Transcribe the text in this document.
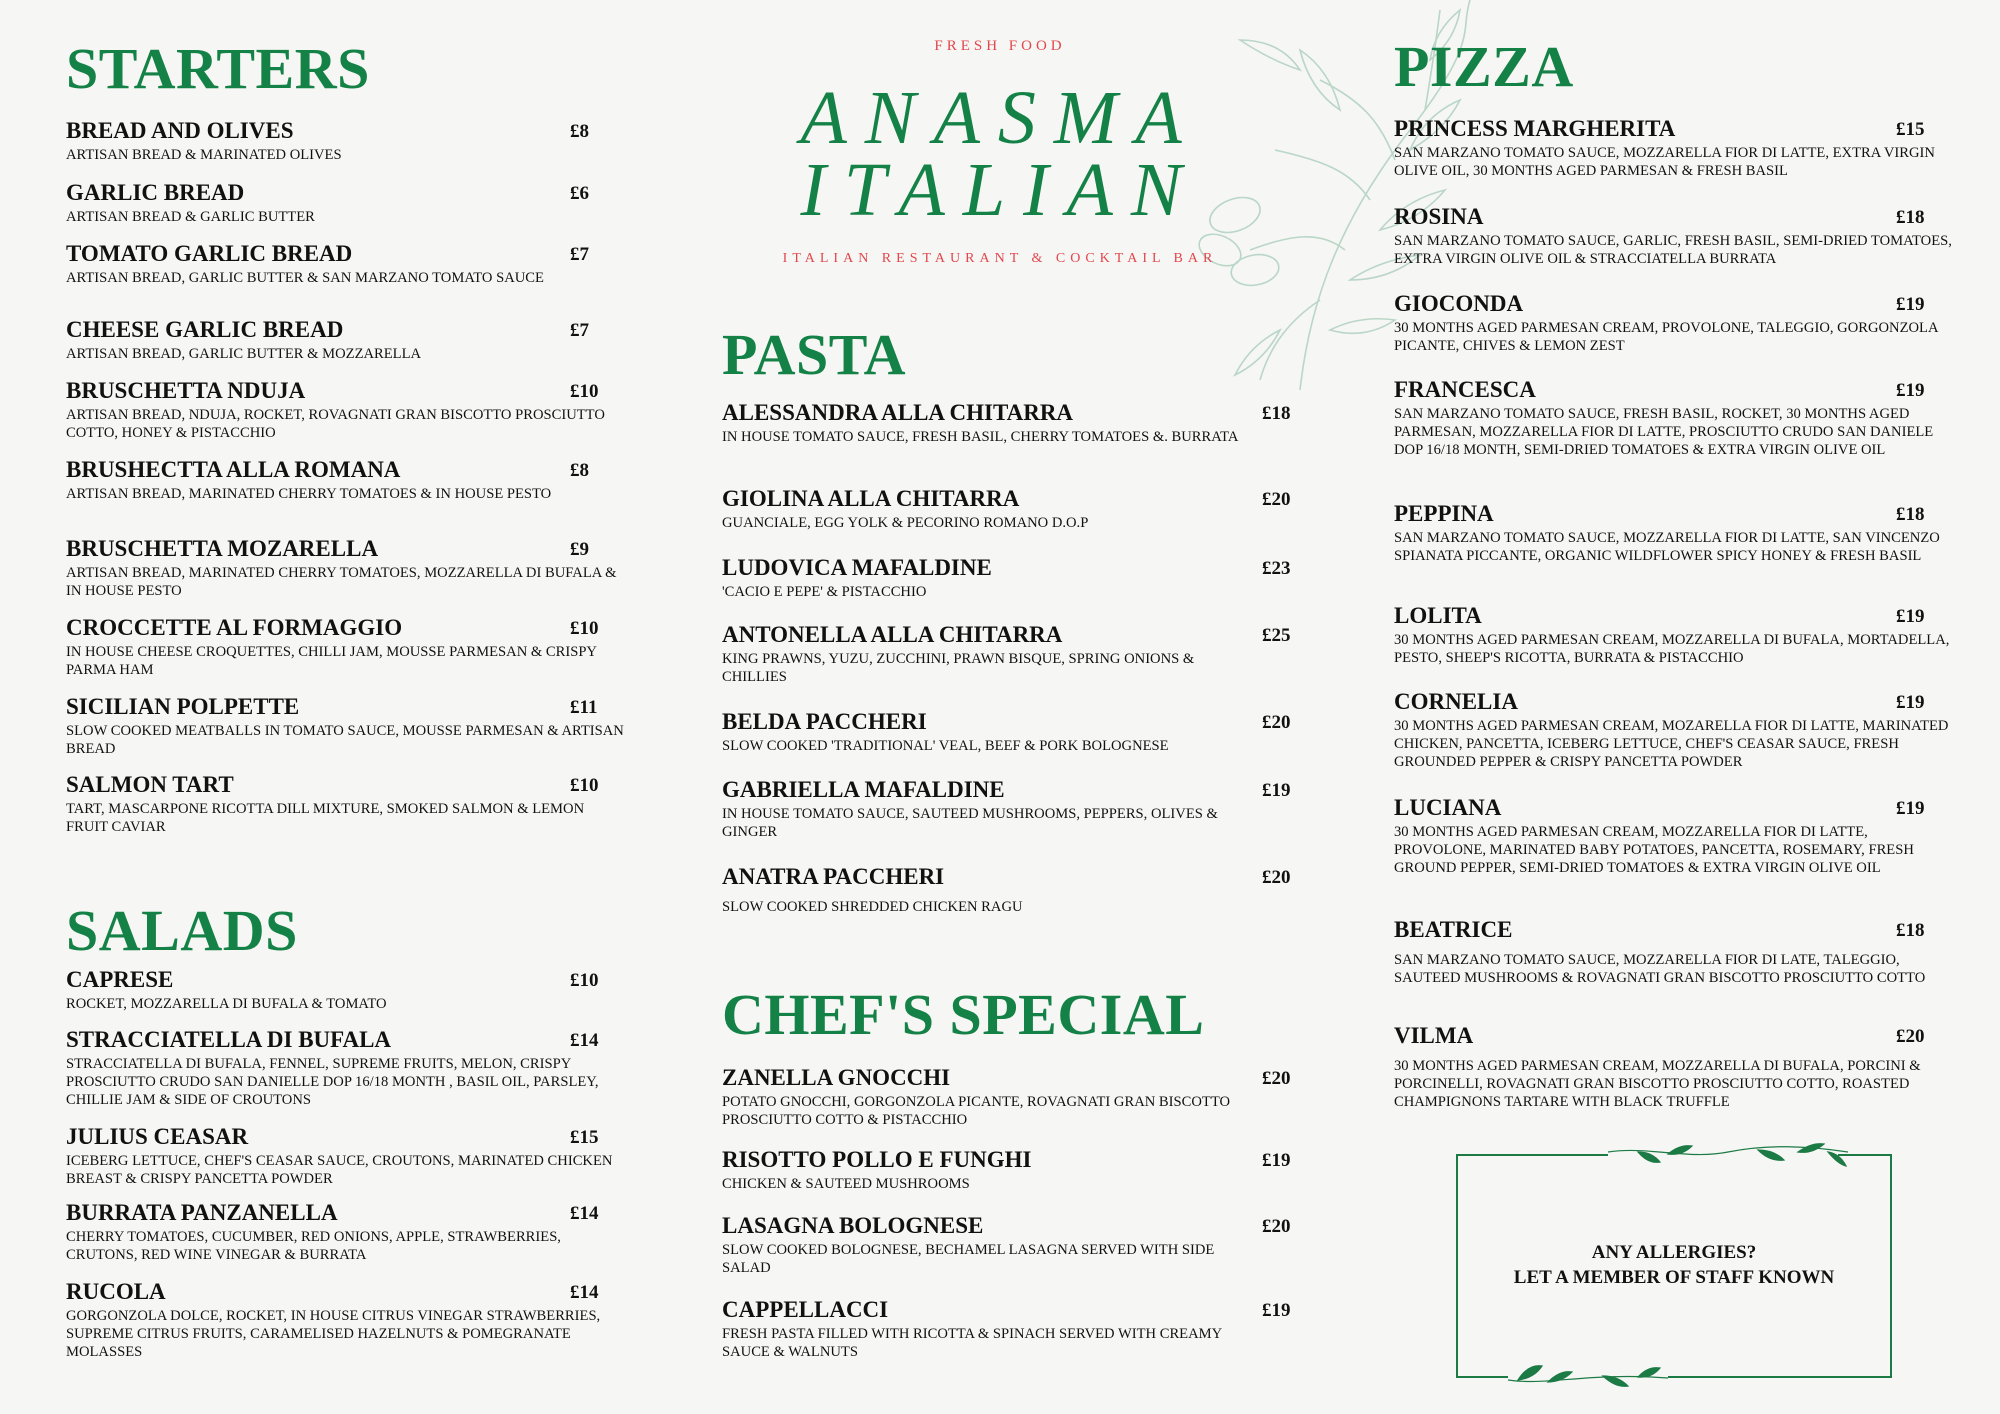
FRESH FOOD
ANASMA
ITALIAN
ITALIAN RESTAURANT & COCKTAIL BAR
STARTERS
BREAD AND OLIVES	£8
ARTISAN BREAD & MARINATED OLIVES
GARLIC BREAD	£6
ARTISAN BREAD & GARLIC BUTTER
TOMATO GARLIC BREAD	£7
ARTISAN BREAD, GARLIC BUTTER & SAN MARZANO TOMATO SAUCE
CHEESE GARLIC BREAD	£7
ARTISAN BREAD, GARLIC BUTTER & MOZZARELLA
BRUSCHETTA NDUJA	£10
ARTISAN BREAD, NDUJA, ROCKET, ROVAGNATI GRAN BISCOTTO PROSCIUTTO COTTO, HONEY & PISTACCHIO
BRUSHECTTA ALLA ROMANA	£8
ARTISAN BREAD, MARINATED CHERRY TOMATOES & IN HOUSE PESTO
BRUSCHETTA MOZARELLA	£9
ARTISAN BREAD, MARINATED CHERRY TOMATOES, MOZZARELLA DI BUFALA & IN HOUSE PESTO
CROCCETTE AL FORMAGGIO	£10
IN HOUSE CHEESE CROQUETTES, CHILLI JAM, MOUSSE PARMESAN & CRISPY PARMA HAM
SICILIAN POLPETTE	£11
SLOW COOKED MEATBALLS IN TOMATO SAUCE, MOUSSE PARMESAN & ARTISAN BREAD
SALMON TART	£10
TART, MASCARPONE RICOTTA DILL MIXTURE, SMOKED SALMON & LEMON FRUIT CAVIAR
SALADS
CAPRESE	£10
ROCKET, MOZZARELLA DI BUFALA & TOMATO
STRACCIATELLA DI BUFALA	£14
STRACCIATELLA DI BUFALA, FENNEL, SUPREME FRUITS, MELON, CRISPY PROSCIUTTO CRUDO SAN DANIELLE DOP 16/18 MONTH , BASIL OIL, PARSLEY, CHILLIE JAM & SIDE OF CROUTONS
JULIUS CEASAR	£15
ICEBERG LETTUCE, CHEF'S CEASAR SAUCE, CROUTONS, MARINATED CHICKEN BREAST & CRISPY PANCETTA POWDER
BURRATA PANZANELLA	£14
CHERRY TOMATOES, CUCUMBER, RED ONIONS, APPLE, STRAWBERRIES, CRUTONS, RED WINE VINEGAR & BURRATA
RUCOLA	£14
GORGONZOLA DOLCE, ROCKET, IN HOUSE CITRUS VINEGAR STRAWBERRIES, SUPREME CITRUS FRUITS, CARAMELISED HAZELNUTS & POMEGRANATE MOLASSES
PASTA
ALESSANDRA ALLA CHITARRA	£18
IN HOUSE TOMATO SAUCE, FRESH BASIL, CHERRY TOMATOES &. BURRATA
GIOLINA ALLA CHITARRA	£20
GUANCIALE, EGG YOLK & PECORINO ROMANO D.O.P
LUDOVICA MAFALDINE	£23
'CACIO E PEPE' & PISTACCHIO
ANTONELLA ALLA CHITARRA	£25
KING PRAWNS, YUZU, ZUCCHINI, PRAWN BISQUE, SPRING ONIONS & CHILLIES
BELDA PACCHERI	£20
SLOW COOKED 'TRADITIONAL' VEAL, BEEF & PORK BOLOGNESE
GABRIELLA MAFALDINE	£19
IN HOUSE TOMATO SAUCE, SAUTEED MUSHROOMS, PEPPERS, OLIVES & GINGER
ANATRA PACCHERI	£20
SLOW COOKED SHREDDED CHICKEN RAGU
CHEF'S SPECIAL
ZANELLA GNOCCHI	£20
POTATO GNOCCHI, GORGONZOLA PICANTE, ROVAGNATI GRAN BISCOTTO PROSCIUTTO COTTO & PISTACCHIO
RISOTTO POLLO E FUNGHI	£19
CHICKEN & SAUTEED MUSHROOMS
LASAGNA BOLOGNESE	£20
SLOW COOKED BOLOGNESE, BECHAMEL LASAGNA SERVED WITH SIDE SALAD
CAPPELLACCI	£19
FRESH PASTA FILLED WITH RICOTTA & SPINACH SERVED WITH CREAMY SAUCE & WALNUTS
PIZZA
PRINCESS MARGHERITA	£15
SAN MARZANO TOMATO SAUCE, MOZZARELLA FIOR DI LATTE, EXTRA VIRGIN OLIVE OIL, 30 MONTHS AGED PARMESAN & FRESH BASIL
ROSINA	£18
SAN MARZANO TOMATO SAUCE, GARLIC, FRESH BASIL, SEMI-DRIED TOMATOES, EXTRA VIRGIN OLIVE OIL & STRACCIATELLA BURRATA
GIOCONDA	£19
30 MONTHS AGED PARMESAN CREAM, PROVOLONE, TALEGGIO, GORGONZOLA PICANTE, CHIVES & LEMON ZEST
FRANCESCA	£19
SAN MARZANO TOMATO SAUCE, FRESH BASIL, ROCKET, 30 MONTHS AGED PARMESAN, MOZZARELLA FIOR DI LATTE, PROSCIUTTO CRUDO SAN DANIELE DOP 16/18 MONTH, SEMI-DRIED TOMATOES & EXTRA VIRGIN OLIVE OIL
PEPPINA	£18
SAN MARZANO TOMATO SAUCE, MOZZARELLA FIOR DI LATTE, SAN VINCENZO SPIANATA PICCANTE, ORGANIC WILDFLOWER SPICY HONEY & FRESH BASIL
LOLITA	£19
30 MONTHS AGED PARMESAN CREAM, MOZZARELLA DI BUFALA, MORTADELLA, PESTO, SHEEP'S RICOTTA, BURRATA & PISTACCHIO
CORNELIA	£19
30 MONTHS AGED PARMESAN CREAM, MOZARELLA FIOR DI LATTE, MARINATED CHICKEN, PANCETTA, ICEBERG LETTUCE, CHEF'S CEASAR SAUCE, FRESH GROUNDED PEPPER & CRISPY PANCETTA POWDER
LUCIANA	£19
30 MONTHS AGED PARMESAN CREAM, MOZZARELLA FIOR DI LATTE, PROVOLONE, MARINATED BABY POTATOES, PANCETTA, ROSEMARY, FRESH GROUND PEPPER, SEMI-DRIED TOMATOES & EXTRA VIRGIN OLIVE OIL
BEATRICE	£18
SAN MARZANO TOMATO SAUCE, MOZZARELLA FIOR DI LATE, TALEGGIO, SAUTEED MUSHROOMS & ROVAGNATI GRAN BISCOTTO PROSCIUTTO COTTO
VILMA	£20
30 MONTHS AGED PARMESAN CREAM, MOZZARELLA DI BUFALA, PORCINI & PORCINELLI, ROVAGNATI GRAN BISCOTTO PROSCIUTTO COTTO, ROASTED CHAMPIGNONS TARTARE WITH BLACK TRUFFLE
ANY ALLERGIES?
LET A MEMBER OF STAFF KNOWN
